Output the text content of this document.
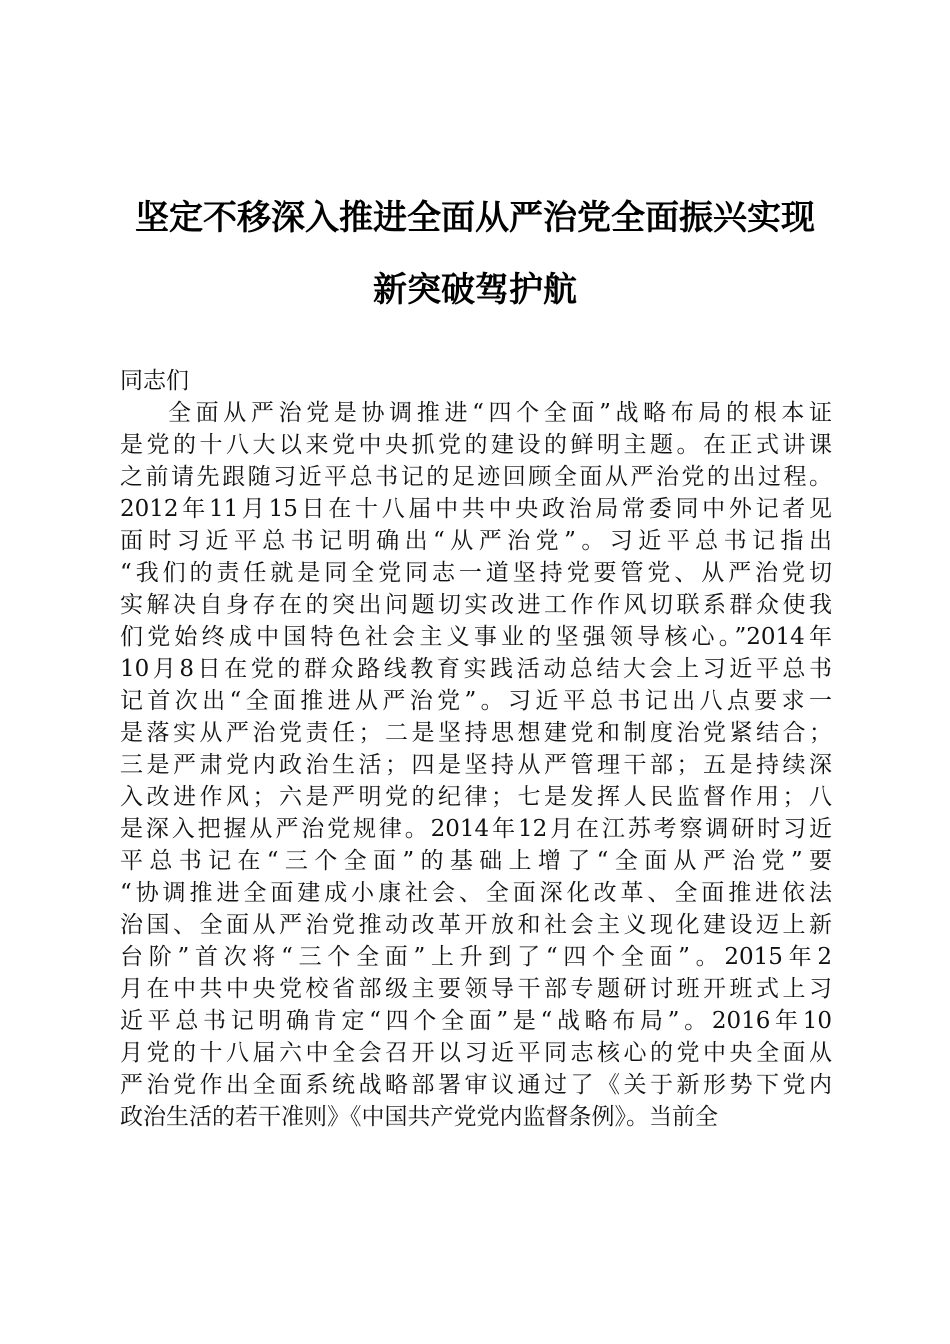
坚定不移深入推进全面从严治党全面振兴实现
新突破驾护航
同志们
全面从严治党是协调推进“四个全面”战略布局的根本证
是党的十八大以来党中央抓党的建设的鲜明主题。在正式讲课
之前请先跟随习近平总书记的足迹回顾全面从严治党的出过程。
2012年11月15日在十八届中共中央政治局常委同中外记者见
面时习近平总书记明确出“从严治党”。习近平总书记指出
“我们的责任就是同全党同志一道坚持党要管党、从严治党切
实解决自身存在的突出问题切实改进工作作风切联系群众使我
们党始终成中国特色社会主义事业的坚强领导核心。”2014年
10月8日在党的群众路线教育实践活动总结大会上习近平总书
记首次出“全面推进从严治党”。习近平总书记出八点要求一
是落实从严治党责任；二是坚持思想建党和制度治党紧结合；
三是严肃党内政治生活；四是坚持从严管理干部；五是持续深
入改进作风；六是严明党的纪律；七是发挥人民监督作用；八
是深入把握从严治党规律。2014年12月在江苏考察调研时习近
平总书记在“三个全面”的基础上增了“全面从严治党”要
“协调推进全面建成小康社会、全面深化改革、全面推进依法
治国、全面从严治党推动改革开放和社会主义现化建设迈上新
台阶”首次将“三个全面”上升到了“四个全面”。2015年2
月在中共中央党校省部级主要领导干部专题研讨班开班式上习
近平总书记明确肯定“四个全面”是“战略布局”。2016年10
月党的十八届六中全会召开以习近平同志核心的党中央全面从
严治党作出全面系统战略部署审议通过了《关于新形势下党内
政治生活的若干准则》《中国共产党党内监督条例》。当前全
